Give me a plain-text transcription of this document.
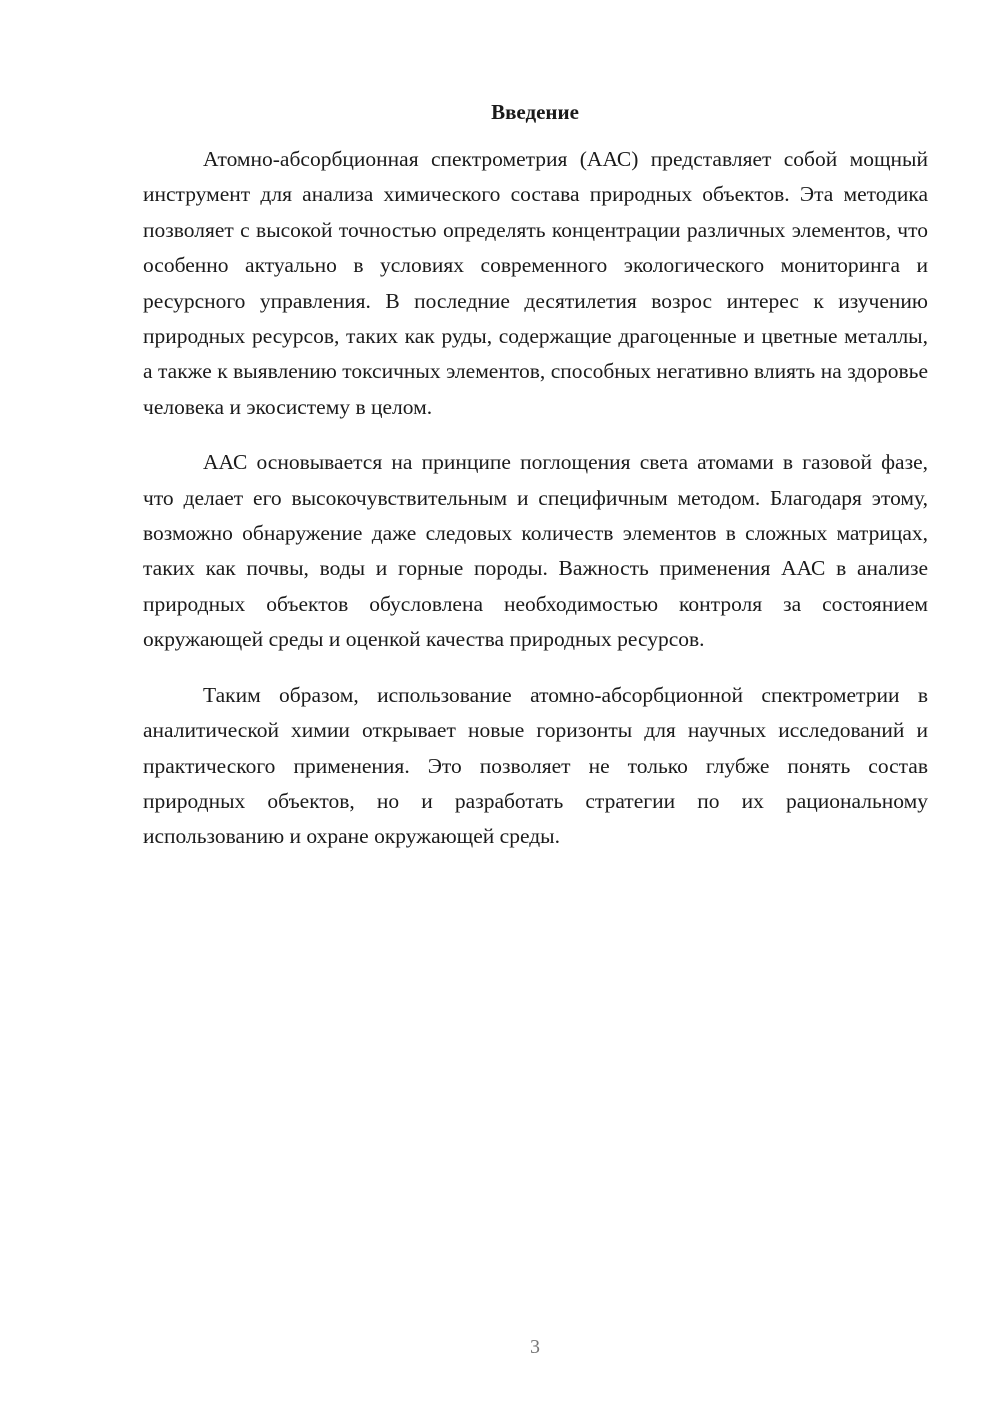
Введение

Атомно-абсорбционная спектрометрия (ААС) представляет собой мощный инструмент для анализа химического состава природных объектов. Эта методика позволяет с высокой точностью определять концентрации различных элементов, что особенно актуально в условиях современного экологического мониторинга и ресурсного управления. В последние десятилетия возрос интерес к изучению природных ресурсов, таких как руды, содержащие драгоценные и цветные металлы, а также к выявлению токсичных элементов, способных негативно влиять на здоровье человека и экосистему в целом.

ААС основывается на принципе поглощения света атомами в газовой фазе, что делает его высокочувствительным и специфичным методом. Благодаря этому, возможно обнаружение даже следовых количеств элементов в сложных матрицах, таких как почвы, воды и горные породы. Важность применения ААС в анализе природных объектов обусловлена необходимостью контроля за состоянием окружающей среды и оценкой качества природных ресурсов.

Таким образом, использование атомно-абсорбционной спектрометрии в аналитической химии открывает новые горизонты для научных исследований и практического применения. Это позволяет не только глубже понять состав природных объектов, но и разработать стратегии по их рациональному использованию и охране окружающей среды.

3
